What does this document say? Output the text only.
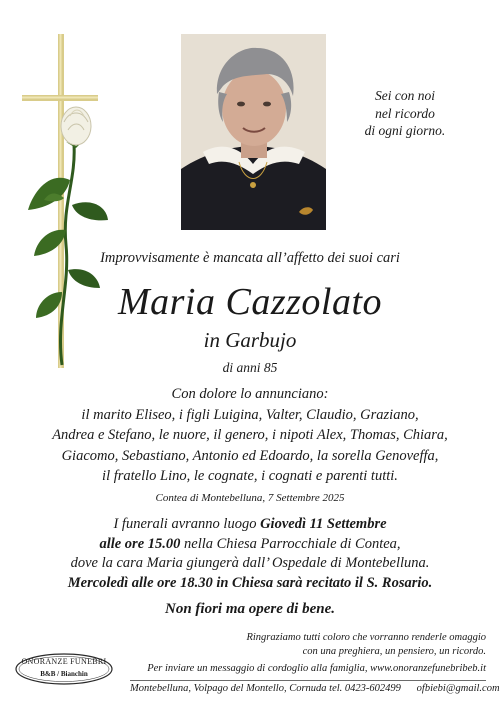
Sei con noi
nel ricordo
di ogni giorno.
Improvvisamente è mancata all’affetto dei suoi cari
Maria Cazzolato
in Garbujo
di anni 85
Con dolore lo annunciano:
il marito Eliseo, i figli Luigina, Valter, Claudio, Graziano,
Andrea e Stefano, le nuore, il genero, i nipoti Alex, Thomas, Chiara,
Giacomo, Sebastiano, Antonio ed Edoardo, la sorella Genoveffa,
il fratello Lino, le cognate, i cognati e parenti tutti.
Contea di Montebelluna, 7 Settembre 2025
I funerali avranno luogo Giovedì 11 Settembre
alle ore 15.00 nella Chiesa Parrocchiale di Contea,
dove la cara Maria giungerà dall’ Ospedale di Montebelluna.
Mercoledì alle ore 18.30 in Chiesa sarà recitato il S. Rosario.
Non fiori ma opere di bene.
Ringraziamo tutti coloro che vorranno renderle omaggio
con una preghiera, un pensiero, un ricordo.
ONORANZE FUNEBRI
B&B / Bianchin	Per inviare un messaggio di cordoglio alla famiglia, www.onoranzefunebribeb.it
Montebelluna, Volpago del Montello, Cornuda tel. 0423-602499      ofbiebi@gmail.com
